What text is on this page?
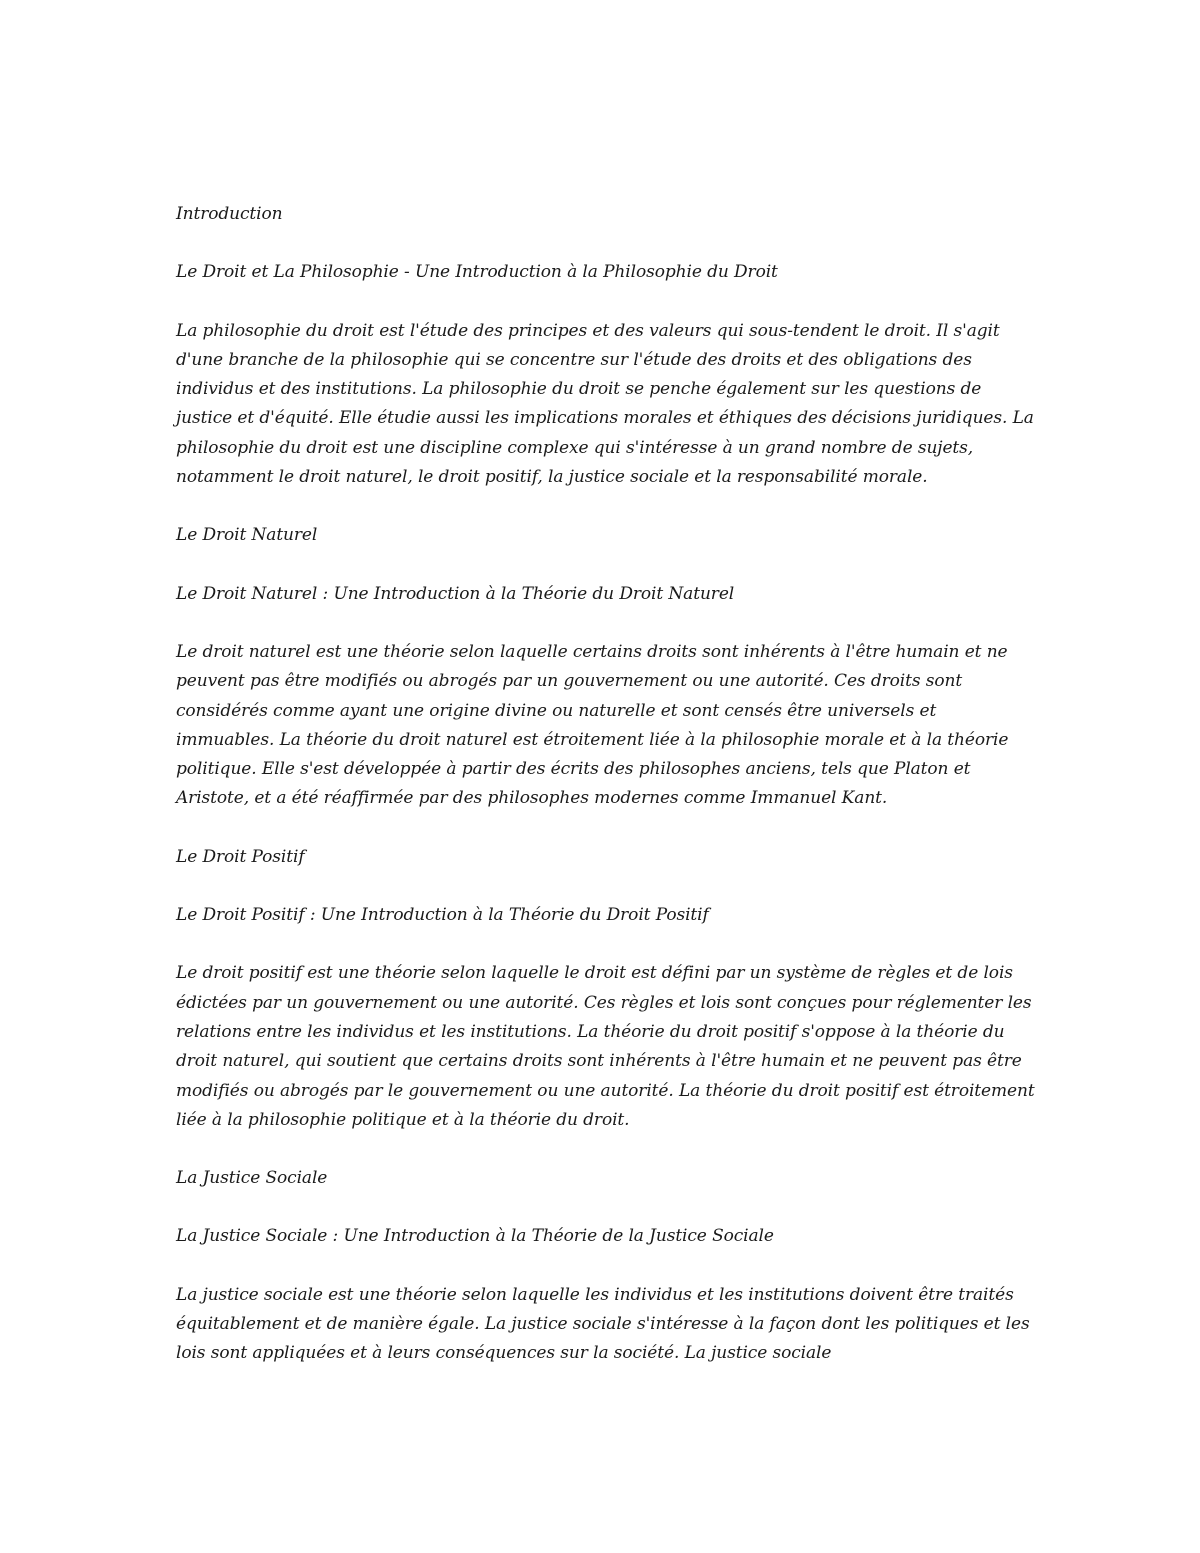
Introduction

Le Droit et La Philosophie - Une Introduction à la Philosophie du Droit

La philosophie du droit est l'étude des principes et des valeurs qui sous-tendent le droit. Il s'agit d'une branche de la philosophie qui se concentre sur l'étude des droits et des obligations des individus et des institutions. La philosophie du droit se penche également sur les questions de justice et d'équité. Elle étudie aussi les implications morales et éthiques des décisions juridiques. La philosophie du droit est une discipline complexe qui s'intéresse à un grand nombre de sujets, notamment le droit naturel, le droit positif, la justice sociale et la responsabilité morale.

Le Droit Naturel

Le Droit Naturel : Une Introduction à la Théorie du Droit Naturel

Le droit naturel est une théorie selon laquelle certains droits sont inhérents à l'être humain et ne peuvent pas être modifiés ou abrogés par un gouvernement ou une autorité. Ces droits sont considérés comme ayant une origine divine ou naturelle et sont censés être universels et immuables. La théorie du droit naturel est étroitement liée à la philosophie morale et à la théorie politique. Elle s'est développée à partir des écrits des philosophes anciens, tels que Platon et Aristote, et a été réaffirmée par des philosophes modernes comme Immanuel Kant.

Le Droit Positif

Le Droit Positif : Une Introduction à la Théorie du Droit Positif

Le droit positif est une théorie selon laquelle le droit est défini par un système de règles et de lois édictées par un gouvernement ou une autorité. Ces règles et lois sont conçues pour réglementer les relations entre les individus et les institutions. La théorie du droit positif s'oppose à la théorie du droit naturel, qui soutient que certains droits sont inhérents à l'être humain et ne peuvent pas être modifiés ou abrogés par le gouvernement ou une autorité. La théorie du droit positif est étroitement liée à la philosophie politique et à la théorie du droit.

La Justice Sociale

La Justice Sociale : Une Introduction à la Théorie de la Justice Sociale

La justice sociale est une théorie selon laquelle les individus et les institutions doivent être traités équitablement et de manière égale. La justice sociale s'intéresse à la façon dont les politiques et les lois sont appliquées et à leurs conséquences sur la société. La justice sociale
